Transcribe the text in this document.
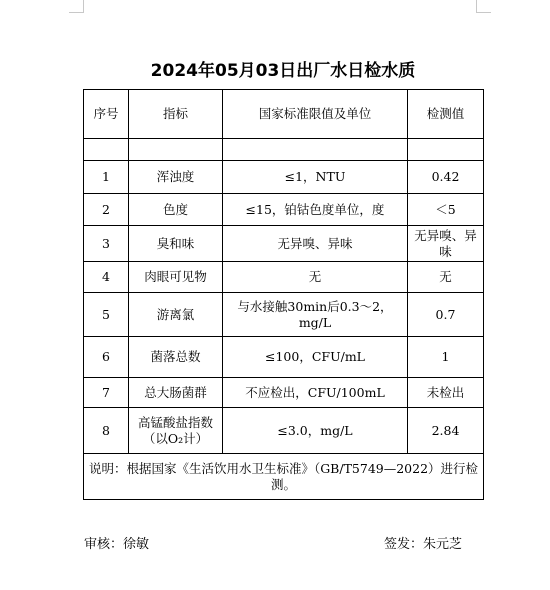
2024年05月03日出厂水日检水质
序号	指标	国家标准限值及单位	检测值

1	浑浊度	≤1，NTU	0.42
2	色度	≤15，铂钴色度单位，度	＜5
3	臭和味	无异嗅、异味	无异嗅、异味
4	肉眼可见物	无	无
5	游离氯	与水接触30min后0.3～2，mg/L	0.7
6	菌落总数	≤100，CFU/mL	1
7	总大肠菌群	不应检出，CFU/100mL	未检出
8	高锰酸盐指数（以O₂计）	≤3.0，mg/L	2.84
说明：根据国家《生活饮用水卫生标准》（GB/T5749—2022）进行检测。			
审核：徐敏	签发：朱元芝
